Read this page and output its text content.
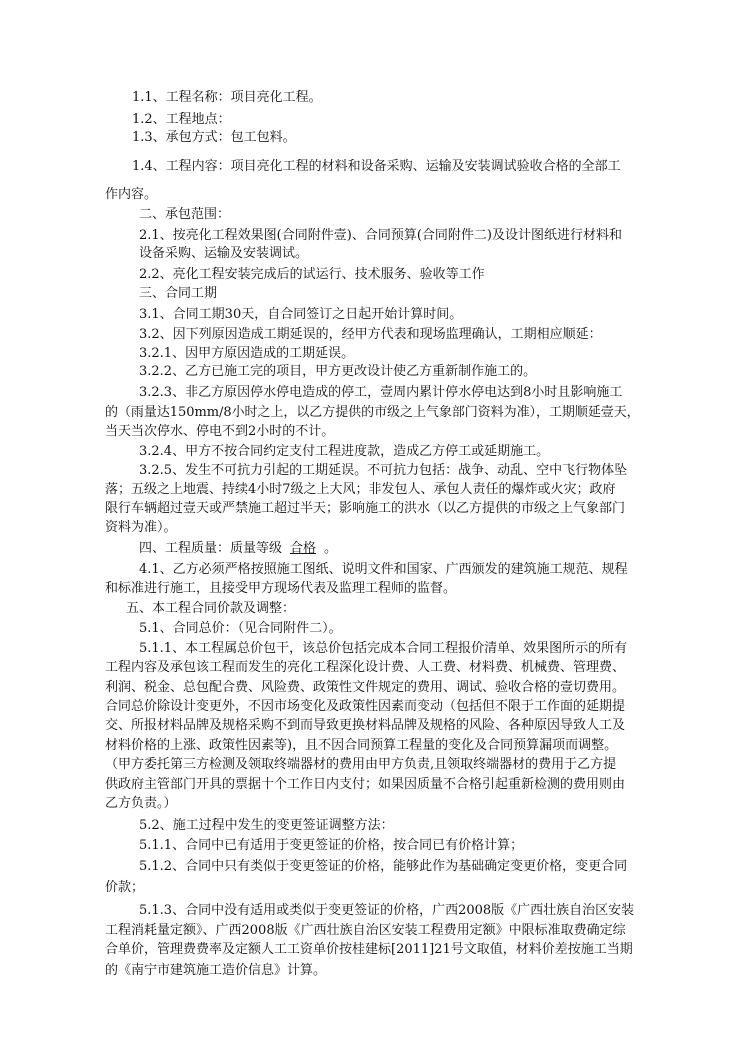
1.1、工程名称：项目亮化工程。
1.2、工程地点：
1.3、承包方式：包工包料。
1.4、工程内容：项目亮化工程的材料和设备采购、运输及安装调试验收合格的全部工
作内容。
二、承包范围：
2.1、按亮化工程效果图(合同附件壹)、合同预算(合同附件二)及设计图纸进行材料和
设备采购、运输及安装调试。
2.2、亮化工程安装完成后的试运行、技术服务、验收等工作
三、合同工期
3.1、合同工期30天，自合同签订之日起开始计算时间。
3.2、因下列原因造成工期延误的，经甲方代表和现场监理确认，工期相应顺延：
3.2.1、因甲方原因造成的工期延误。
3.2.2、乙方已施工完的项目，甲方更改设计使乙方重新制作施工的。
3.2.3、非乙方原因停水停电造成的停工，壹周内累计停水停电达到8小时且影响施工
的（雨量达150mm/8小时之上，以乙方提供的市级之上气象部门资料为准），工期顺延壹天，
当天当次停水、停电不到2小时的不计。
3.2.4、甲方不按合同约定支付工程进度款，造成乙方停工或延期施工。
3.2.5、发生不可抗力引起的工期延误。不可抗力包括：战争、动乱、空中飞行物体坠
落；五级之上地震、持续4小时7级之上大风；非发包人、承包人责任的爆炸或火灾；政府
限行车辆超过壹天或严禁施工超过半天；影响施工的洪水（以乙方提供的市级之上气象部门
资料为准）。
四、工程质量：质量等级 合格 。
4.1、乙方必须严格按照施工图纸、说明文件和国家、广西颁发的建筑施工规范、规程
和标准进行施工，且接受甲方现场代表及监理工程师的监督。
五、本工程合同价款及调整：
5.1、合同总价：（见合同附件二）。
5.1.1、本工程属总价包干，该总价包括完成本合同工程报价清单、效果图所示的所有
工程内容及承包该工程而发生的亮化工程深化设计费、人工费、材料费、机械费、管理费、
利润、税金、总包配合费、风险费、政策性文件规定的费用、调试、验收合格的壹切费用。
合同总价除设计变更外，不因市场变化及政策性因素而变动（包括但不限于工作面的延期提
交、所报材料品牌及规格采购不到而导致更换材料品牌及规格的风险、各种原因导致人工及
材料价格的上涨、政策性因素等)，且不因合同预算工程量的变化及合同预算漏项而调整。
（甲方委托第三方检测及领取终端器材的费用由甲方负责,且领取终端器材的费用于乙方提
供政府主管部门开具的票据十个工作日内支付；如果因质量不合格引起重新检测的费用则由
乙方负责。）
5.2、施工过程中发生的变更签证调整方法：
5.1.1、合同中已有适用于变更签证的价格，按合同已有价格计算；
5.1.2、合同中只有类似于变更签证的价格，能够此作为基础确定变更价格，变更合同
价款；
5.1.3、合同中没有适用或类似于变更签证的价格，广西2008版《广西壮族自治区安装
工程消耗量定额》、广西2008版《广西壮族自治区安装工程费用定额》中限标准取费确定综
合单价，管理费费率及定额人工工资单价按桂建标[2011]21号文取值，材料价差按施工当期
的《南宁市建筑施工造价信息》计算。
